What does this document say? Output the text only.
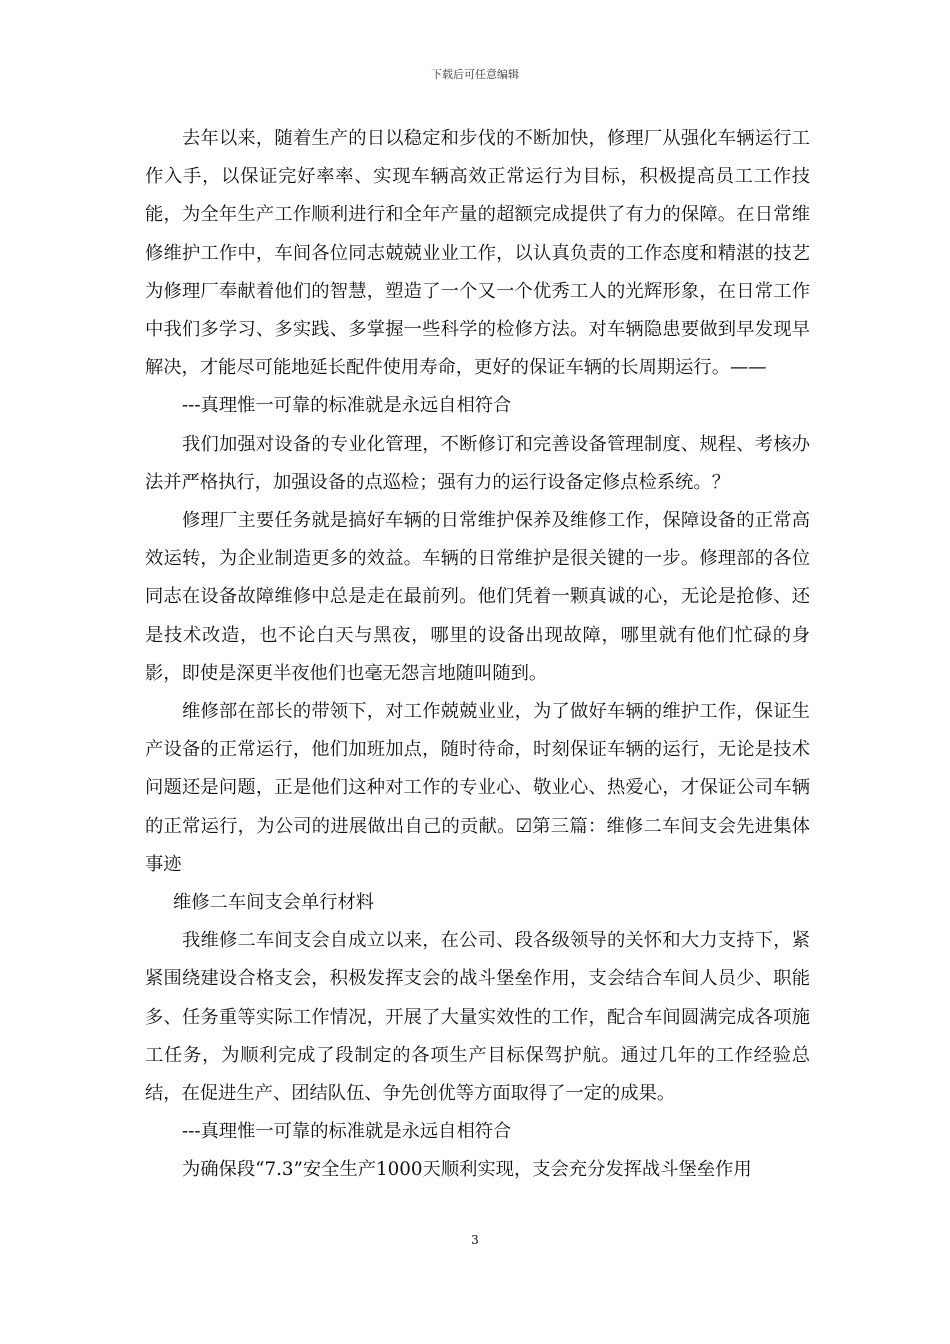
下载后可任意编辑

去年以来，随着生产的日以稳定和步伐的不断加快，修理厂从强化车辆运行工作入手，以保证完好率率、实现车辆高效正常运行为目标，积极提高员工工作技能，为全年生产工作顺利进行和全年产量的超额完成提供了有力的保障。在日常维修维护工作中，车间各位同志兢兢业业工作，以认真负责的工作态度和精湛的技艺为修理厂奉献着他们的智慧，塑造了一个又一个优秀工人的光辉形象，在日常工作中我们多学习、多实践、多掌握一些科学的检修方法。对车辆隐患要做到早发现早解决，才能尽可能地延长配件使用寿命，更好的保证车辆的长周期运行。——

---真理惟一可靠的标准就是永远自相符合

我们加强对设备的专业化管理，不断修订和完善设备管理制度、规程、考核办法并严格执行，加强设备的点巡检；强有力的运行设备定修点检系统。？

修理厂主要任务就是搞好车辆的日常维护保养及维修工作，保障设备的正常高效运转，为企业制造更多的效益。车辆的日常维护是很关键的一步。修理部的各位同志在设备故障维修中总是走在最前列。他们凭着一颗真诚的心，无论是抢修、还是技术改造，也不论白天与黑夜，哪里的设备出现故障，哪里就有他们忙碌的身影，即使是深更半夜他们也毫无怨言地随叫随到。

维修部在部长的带领下，对工作兢兢业业，为了做好车辆的维护工作，保证生产设备的正常运行，他们加班加点，随时待命，时刻保证车辆的运行，无论是技术问题还是问题，正是他们这种对工作的专业心、敬业心、热爱心，才保证公司车辆的正常运行，为公司的进展做出自己的贡献。☑第三篇：维修二车间支会先进集体事迹

维修二车间支会单行材料

我维修二车间支会自成立以来，在公司、段各级领导的关怀和大力支持下，紧紧围绕建设合格支会，积极发挥支会的战斗堡垒作用，支会结合车间人员少、职能多、任务重等实际工作情况，开展了大量实效性的工作，配合车间圆满完成各项施工任务，为顺利完成了段制定的各项生产目标保驾护航。通过几年的工作经验总结，在促进生产、团结队伍、争先创优等方面取得了一定的成果。

---真理惟一可靠的标准就是永远自相符合

为确保段“7.3”安全生产1000天顺利实现，支会充分发挥战斗堡垒作用

3
